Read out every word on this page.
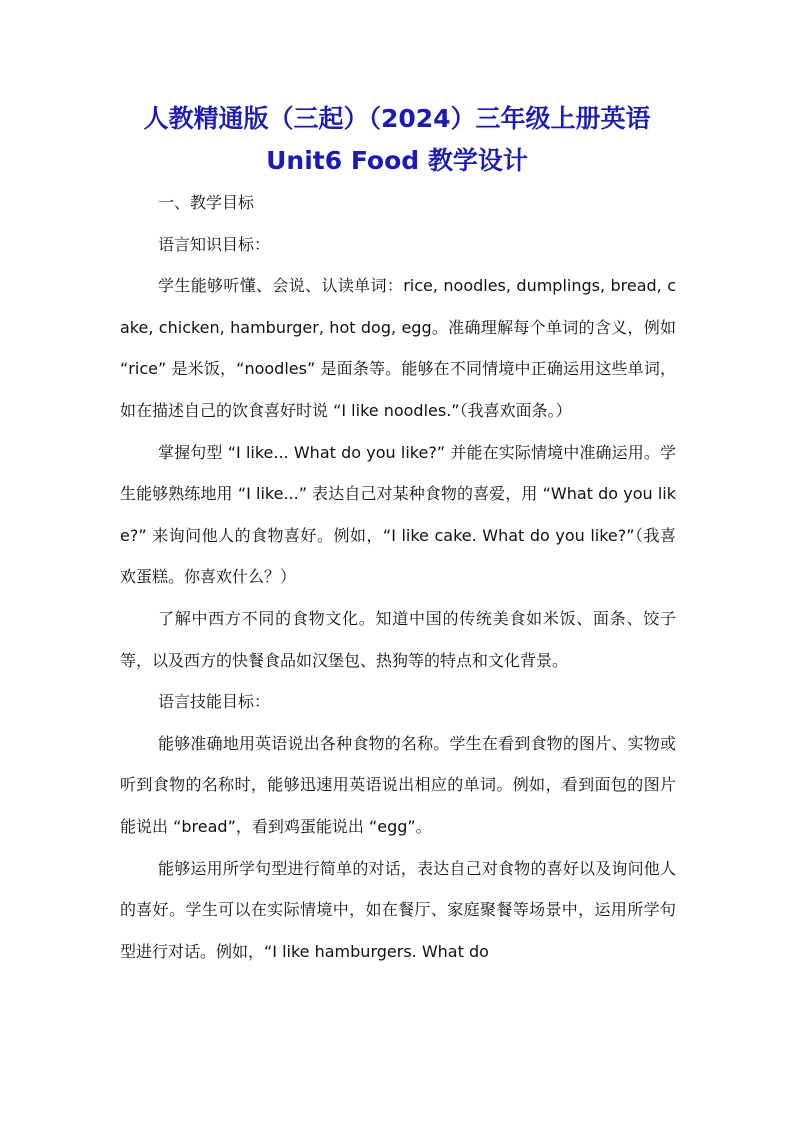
人教精通版（三起）（2024）三年级上册英语
Unit6 Food 教学设计

一、教学目标

语言知识目标：

学生能够听懂、会说、认读单词：rice, noodles, dumplings, bread, cake, chicken, hamburger, hot dog, egg。准确理解每个单词的含义，例如 “rice” 是米饭，“noodles” 是面条等。能够在不同情境中正确运用这些单词，如在描述自己的饮食喜好时说 “I like noodles.”（我喜欢面条。）

掌握句型 “I like... What do you like?” 并能在实际情境中准确运用。学生能够熟练地用 “I like...” 表达自己对某种食物的喜爱，用 “What do you like?” 来询问他人的食物喜好。例如，“I like cake. What do you like?”（我喜欢蛋糕。你喜欢什么？）

了解中西方不同的食物文化。知道中国的传统美食如米饭、面条、饺子等，以及西方的快餐食品如汉堡包、热狗等的特点和文化背景。

语言技能目标：

能够准确地用英语说出各种食物的名称。学生在看到食物的图片、实物或听到食物的名称时，能够迅速用英语说出相应的单词。例如，看到面包的图片能说出 “bread”，看到鸡蛋能说出 “egg”。

能够运用所学句型进行简单的对话，表达自己对食物的喜好以及询问他人的喜好。学生可以在实际情境中，如在餐厅、家庭聚餐等场景中，运用所学句型进行对话。例如，“I like hamburgers. What do
